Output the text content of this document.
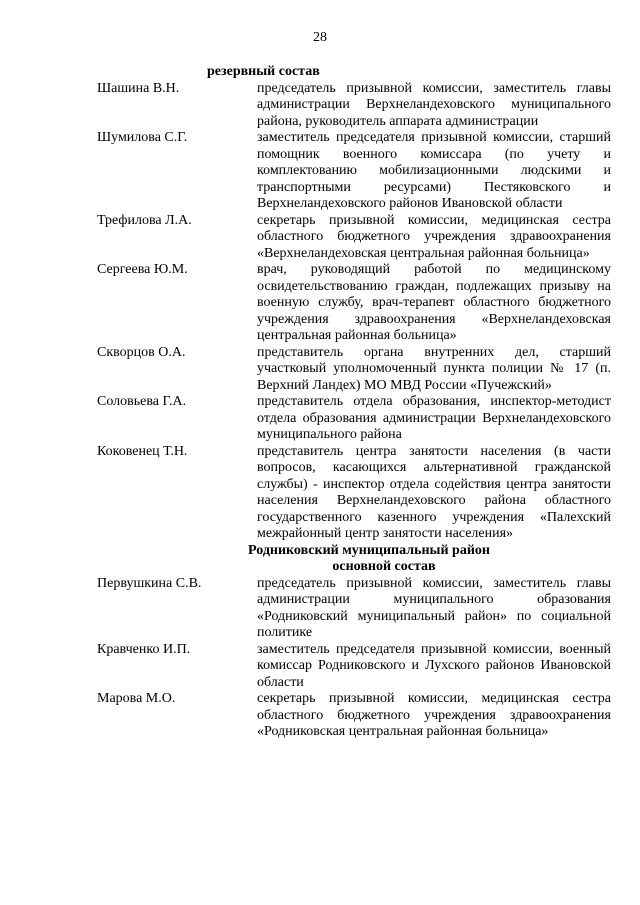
28
резервный состав
Шашина В.Н.	председатель призывной комиссии, заместитель главы администрации Верхнеландеховского муниципального района, руководитель аппарата администрации
Шумилова С.Г.	заместитель председателя призывной комиссии, старший помощник военного комиссара (по учету и комплектованию мобилизационными людскими и транспортными ресурсами) Пестяковского и Верхнеландеховского районов Ивановской области
Трефилова Л.А.	секретарь призывной комиссии, медицинская сестра областного бюджетного учреждения здравоохранения «Верхнеландеховская центральная районная больница»
Сергеева Ю.М.	врач, руководящий работой по медицинскому освидетельствованию граждан, подлежащих призыву на военную службу, врач-терапевт областного бюджетного учреждения здравоохранения «Верхнеландеховская центральная районная больница»
Скворцов О.А.	представитель органа внутренних дел, старший участковый уполномоченный пункта полиции № 17 (п. Верхний Ландех) МО МВД России «Пучежский»
Соловьева Г.А.	представитель отдела образования, инспектор-методист отдела образования администрации Верхнеландеховского муниципального района
Коковенец Т.Н.	представитель центра занятости населения (в части вопросов, касающихся альтернативной гражданской службы) - инспектор отдела содействия центра занятости населения Верхнеландеховского района областного государственного казенного учреждения «Палехский межрайонный центр занятости населения»
Родниковский муниципальный район
основной состав
Первушкина С.В.	председатель призывной комиссии, заместитель главы администрации муниципального образования «Родниковский муниципальный район» по социальной политике
Кравченко И.П.	заместитель председателя призывной комиссии, военный комиссар Родниковского и Лухского районов Ивановской области
Марова М.О.	секретарь призывной комиссии, медицинская сестра областного бюджетного учреждения здравоохранения «Родниковская центральная районная больница»
